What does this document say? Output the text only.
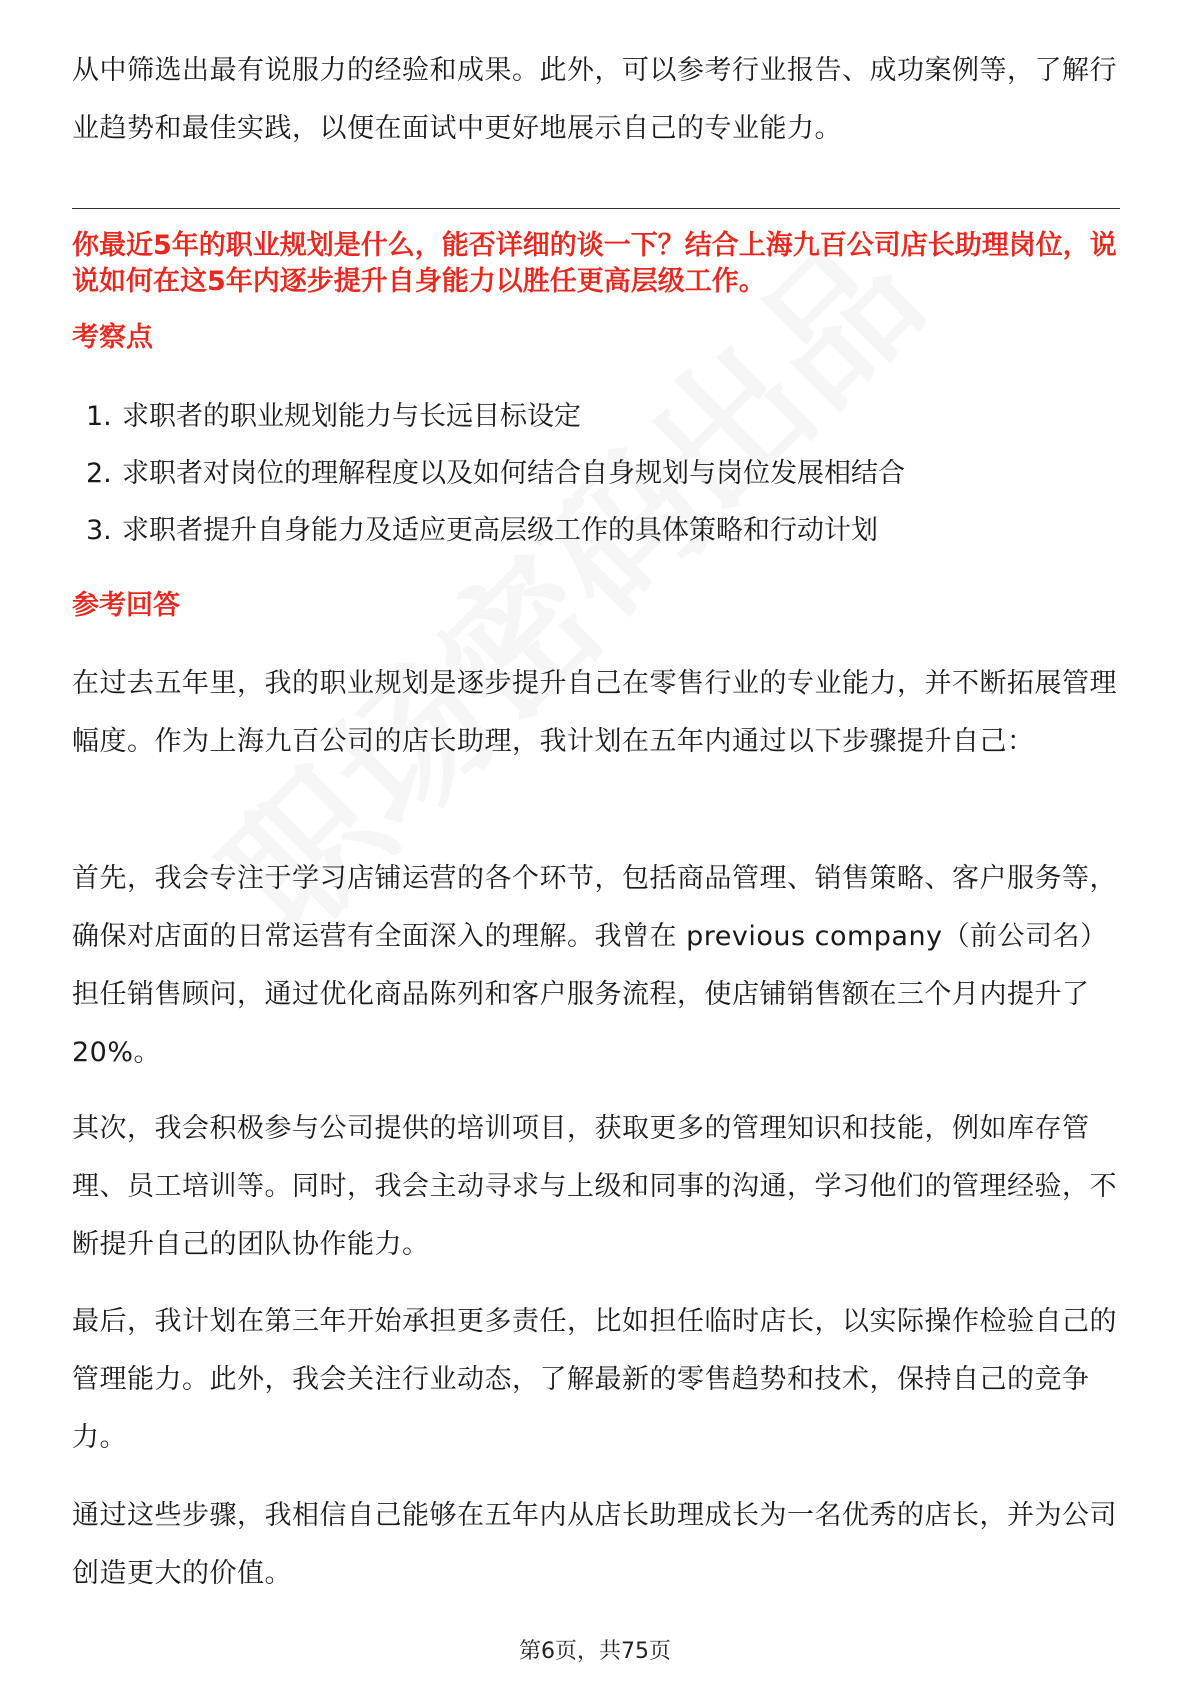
从中筛选出最有说服力的经验和成果。此外，可以参考行业报告、成功案例等，了解行业趋势和最佳实践，以便在面试中更好地展示自己的专业能力。

你最近5年的职业规划是什么，能否详细的谈一下？结合上海九百公司店长助理岗位，说说如何在这5年内逐步提升自身能力以胜任更高层级工作。

考察点

1. 求职者的职业规划能力与长远目标设定
2. 求职者对岗位的理解程度以及如何结合自身规划与岗位发展相结合
3. 求职者提升自身能力及适应更高层级工作的具体策略和行动计划

参考回答

在过去五年里，我的职业规划是逐步提升自己在零售行业的专业能力，并不断拓展管理幅度。作为上海九百公司的店长助理，我计划在五年内通过以下步骤提升自己：

首先，我会专注于学习店铺运营的各个环节，包括商品管理、销售策略、客户服务等，确保对店面的日常运营有全面深入的理解。我曾在 previous company（前公司名）担任销售顾问，通过优化商品陈列和客户服务流程，使店铺销售额在三个月内提升了20%。

其次，我会积极参与公司提供的培训项目，获取更多的管理知识和技能，例如库存管理、员工培训等。同时，我会主动寻求与上级和同事的沟通，学习他们的管理经验，不断提升自己的团队协作能力。

最后，我计划在第三年开始承担更多责任，比如担任临时店长，以实际操作检验自己的管理能力。此外，我会关注行业动态，了解最新的零售趋势和技术，保持自己的竞争力。

通过这些步骤，我相信自己能够在五年内从店长助理成长为一名优秀的店长，并为公司创造更大的价值。

第6页，共75页
